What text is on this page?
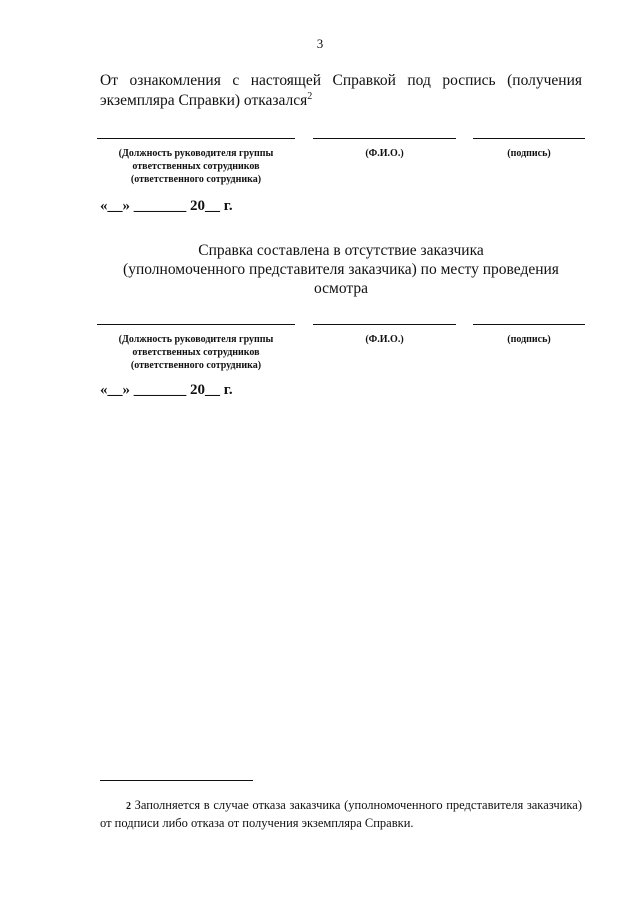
3
От ознакомления с настоящей Справкой под роспись (получения экземпляра Справки) отказался$^2$
(Должность руководителя группы
ответственных сотрудников
(ответственного сотрудника)
(Ф.И.О.)	(подпись)
«__» _______ 20__ г.
Справка составлена в отсутствие заказчика
(уполномоченного представителя заказчика) по месту проведения
осмотра
(Должность руководителя группы
ответственных сотрудников
(ответственного сотрудника)
(Ф.И.О.)	(подпись)
«__» _______ 20__ г.
2 Заполняется в случае отказа заказчика (уполномоченного представителя заказчика) от подписи либо отказа от получения экземпляра Справки.
